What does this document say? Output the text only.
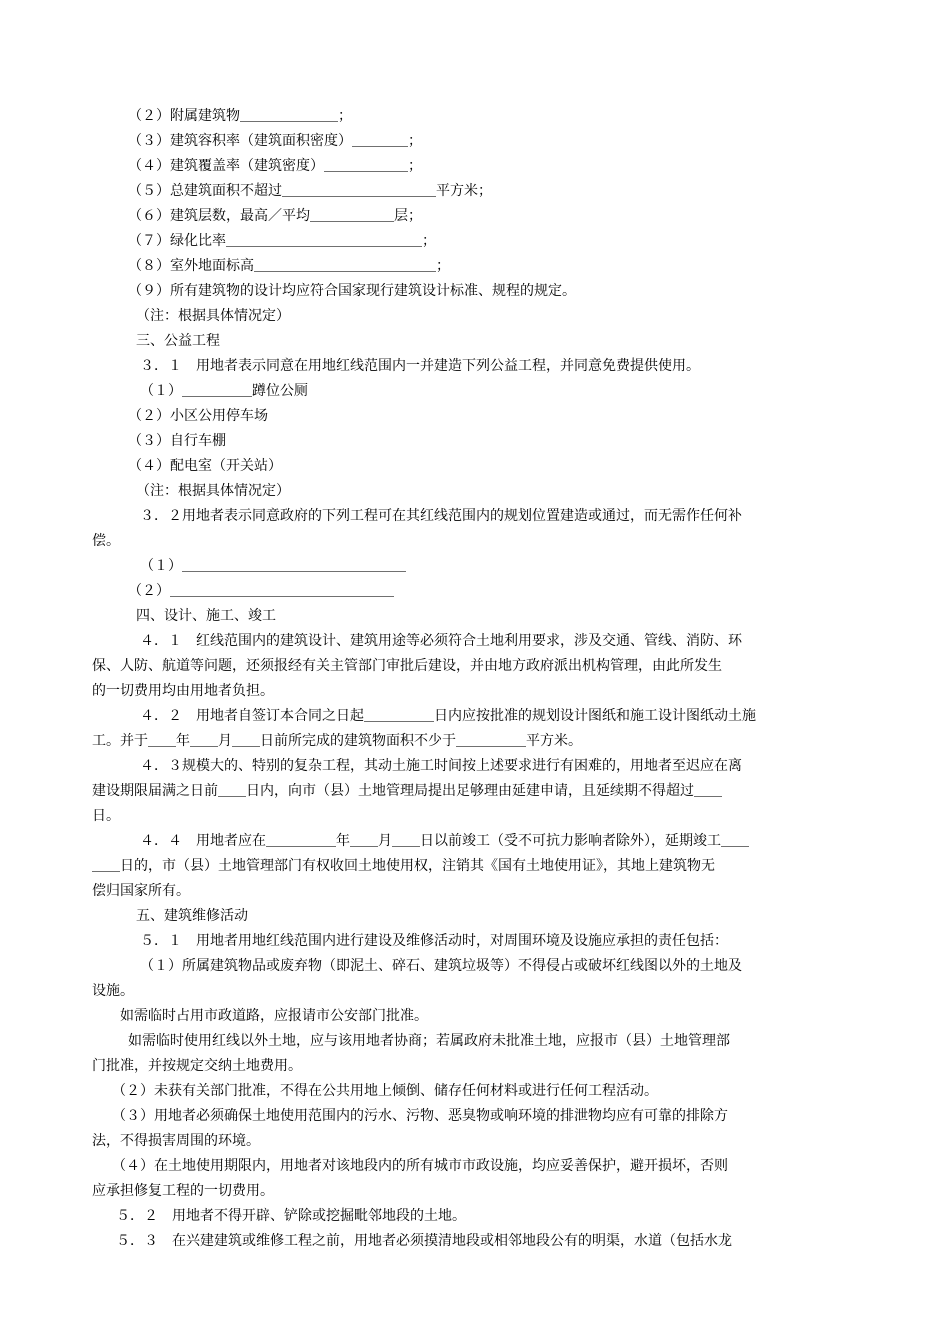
（２）附属建筑物＿＿＿＿＿＿＿；
（３）建筑容积率（建筑面积密度）＿＿＿＿；
（４）建筑覆盖率（建筑密度）＿＿＿＿＿＿；
（５）总建筑面积不超过＿＿＿＿＿＿＿＿＿＿＿平方米；
（６）建筑层数，最高／平均＿＿＿＿＿＿层；
（７）绿化比率＿＿＿＿＿＿＿＿＿＿＿＿＿＿；
（８）室外地面标高＿＿＿＿＿＿＿＿＿＿＿＿＿；
（９）所有建筑物的设计均应符合国家现行建筑设计标准、规程的规定。
（注：根据具体情况定）
三、公益工程
３．１　用地者表示同意在用地红线范围内一并建造下列公益工程，并同意免费提供使用。
（１）＿＿＿＿＿蹲位公厕
（２）小区公用停车场
（３）自行车棚
（４）配电室（开关站）
（注：根据具体情况定）
３．２用地者表示同意政府的下列工程可在其红线范围内的规划位置建造或通过，而无需作任何补
偿。
（１）＿＿＿＿＿＿＿＿＿＿＿＿＿＿＿＿
（２）＿＿＿＿＿＿＿＿＿＿＿＿＿＿＿＿
四、设计、施工、竣工
４．１　红线范围内的建筑设计、建筑用途等必须符合土地利用要求，涉及交通、管线、消防、环
保、人防、航道等问题，还须报经有关主管部门审批后建设，并由地方政府派出机构管理，由此所发生
的一切费用均由用地者负担。
４．２　用地者自签订本合同之日起＿＿＿＿＿日内应按批准的规划设计图纸和施工设计图纸动土施
工。并于＿＿年＿＿月＿＿日前所完成的建筑物面积不少于＿＿＿＿＿平方米。
４．３规模大的、特别的复杂工程，其动土施工时间按上述要求进行有困难的，用地者至迟应在离
建设期限届满之日前＿＿日内，向市（县）土地管理局提出足够理由延建申请，且延续期不得超过＿＿
日。
４．４　用地者应在＿＿＿＿＿年＿＿月＿＿日以前竣工（受不可抗力影响者除外），延期竣工＿＿
＿＿日的，市（县）土地管理部门有权收回土地使用权，注销其《国有土地使用证》，其地上建筑物无
偿归国家所有。
五、建筑维修活动
５．１　用地者用地红线范围内进行建设及维修活动时，对周围环境及设施应承担的责任包括：
（１）所属建筑物品或废弃物（即泥土、碎石、建筑垃圾等）不得侵占或破坏红线图以外的土地及
设施。
如需临时占用市政道路，应报请市公安部门批准。
如需临时使用红线以外土地，应与该用地者协商；若属政府未批准土地，应报市（县）土地管理部
门批准，并按规定交纳土地费用。
（２）未获有关部门批准，不得在公共用地上倾倒、储存任何材料或进行任何工程活动。
（３）用地者必须确保土地使用范围内的污水、污物、恶臭物或响环境的排泄物均应有可靠的排除方
法，不得损害周围的环境。
（４）在土地使用期限内，用地者对该地段内的所有城市市政设施，均应妥善保护，避开损坏，否则
应承担修复工程的一切费用。
５．２　用地者不得开辟、铲除或挖掘毗邻地段的土地。
５．３　在兴建建筑或维修工程之前，用地者必须摸清地段或相邻地段公有的明渠，水道（包括水龙
